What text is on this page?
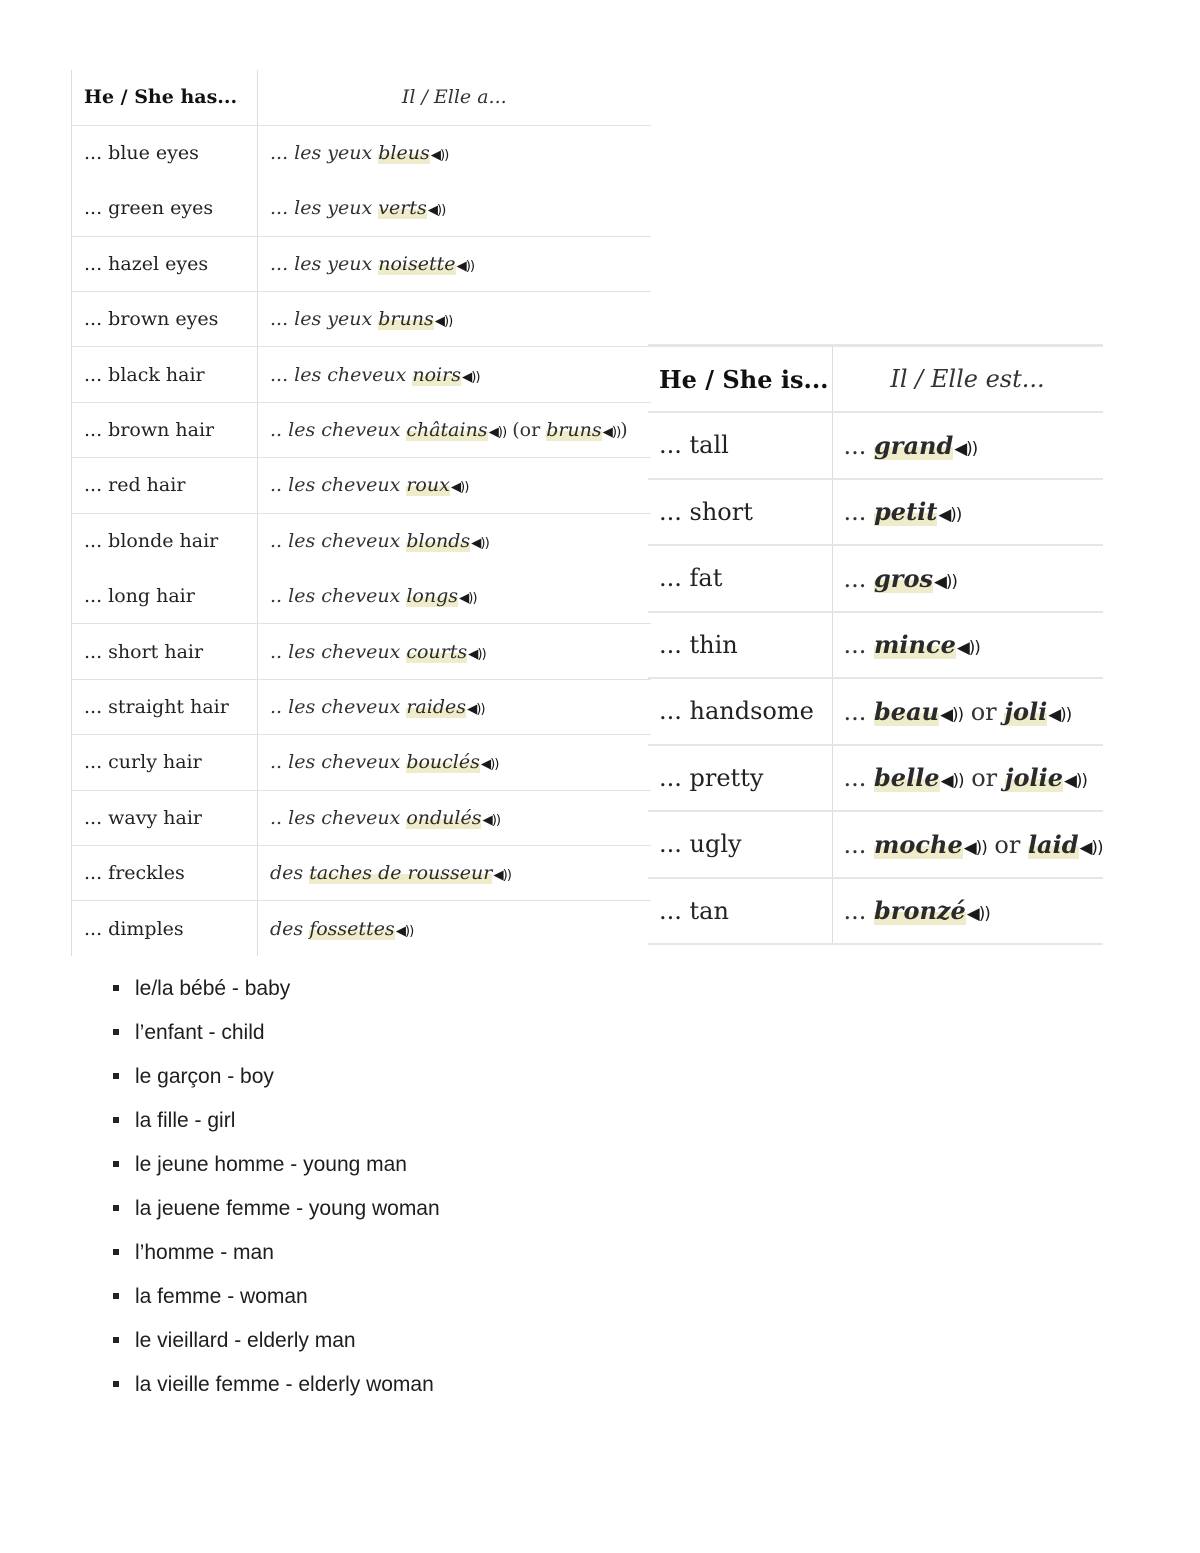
He / She has...	Il / Elle a...
... blue eyes	... les yeux bleus◀))
... green eyes	... les yeux verts◀))
... hazel eyes	... les yeux noisette◀))
... brown eyes	... les yeux bruns◀))
... black hair	... les cheveux noirs◀))
... brown hair	.. les cheveux châtains◀)) (or bruns◀)))
... red hair	.. les cheveux roux◀))
... blonde hair	.. les cheveux blonds◀))
... long hair	.. les cheveux longs◀))
... short hair	.. les cheveux courts◀))
... straight hair	.. les cheveux raides◀))
... curly hair	.. les cheveux bouclés◀))
... wavy hair	.. les cheveux ondulés◀))
... freckles	des taches de rousseur◀))
... dimples	des fossettes◀))
He / She is...	Il / Elle est...
... tall	... grand◀))
... short	... petit◀))
... fat	... gros◀))
... thin	... mince◀))
... handsome	... beau◀)) or joli◀))
... pretty	... belle◀)) or jolie◀))
... ugly	... moche◀)) or laid◀))
... tan	... bronzé◀))
le/la bébé - baby
l’enfant - child
le garçon - boy
la fille - girl
le jeune homme - young man
la jeuene femme - young woman
l’homme - man
la femme - woman
le vieillard - elderly man
la vieille femme - elderly woman
